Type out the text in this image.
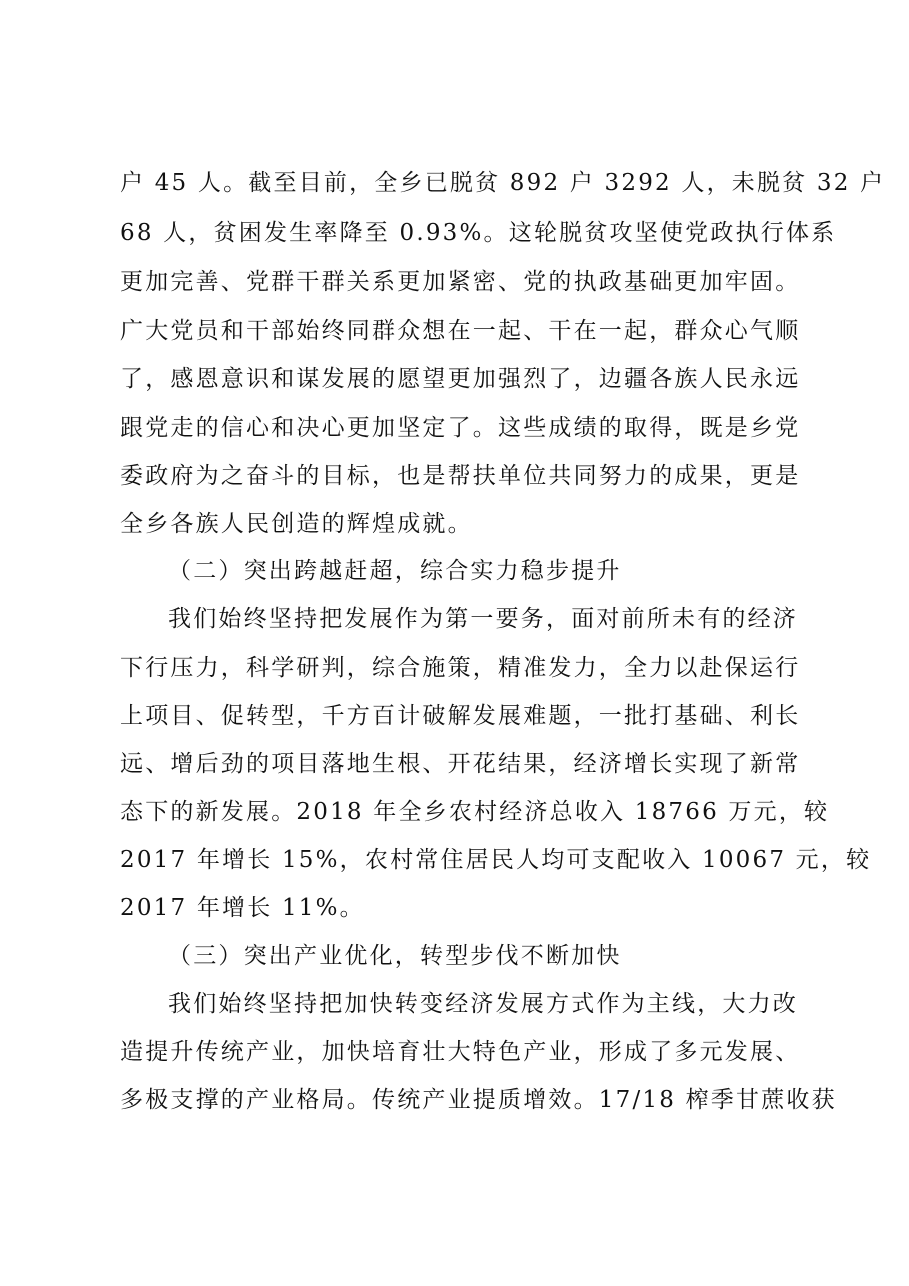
户 45 人。截至目前，全乡已脱贫 892 户 3292 人，未脱贫 32 户
68 人，贫困发生率降至 0.93%。这轮脱贫攻坚使党政执行体系
更加完善、党群干群关系更加紧密、党的执政基础更加牢固。
广大党员和干部始终同群众想在一起、干在一起，群众心气顺
了，感恩意识和谋发展的愿望更加强烈了，边疆各族人民永远
跟党走的信心和决心更加坚定了。这些成绩的取得，既是乡党
委政府为之奋斗的目标，也是帮扶单位共同努力的成果，更是
全乡各族人民创造的辉煌成就。
（二）突出跨越赶超，综合实力稳步提升
我们始终坚持把发展作为第一要务，面对前所未有的经济
下行压力，科学研判，综合施策，精准发力，全力以赴保运行
上项目、促转型，千方百计破解发展难题，一批打基础、利长
远、增后劲的项目落地生根、开花结果，经济增长实现了新常
态下的新发展。2018 年全乡农村经济总收入 18766 万元，较
2017 年增长 15%，农村常住居民人均可支配收入 10067 元，较
2017 年增长 11%。
（三）突出产业优化，转型步伐不断加快
我们始终坚持把加快转变经济发展方式作为主线，大力改
造提升传统产业，加快培育壮大特色产业，形成了多元发展、
多极支撑的产业格局。传统产业提质增效。17/18 榨季甘蔗收获
